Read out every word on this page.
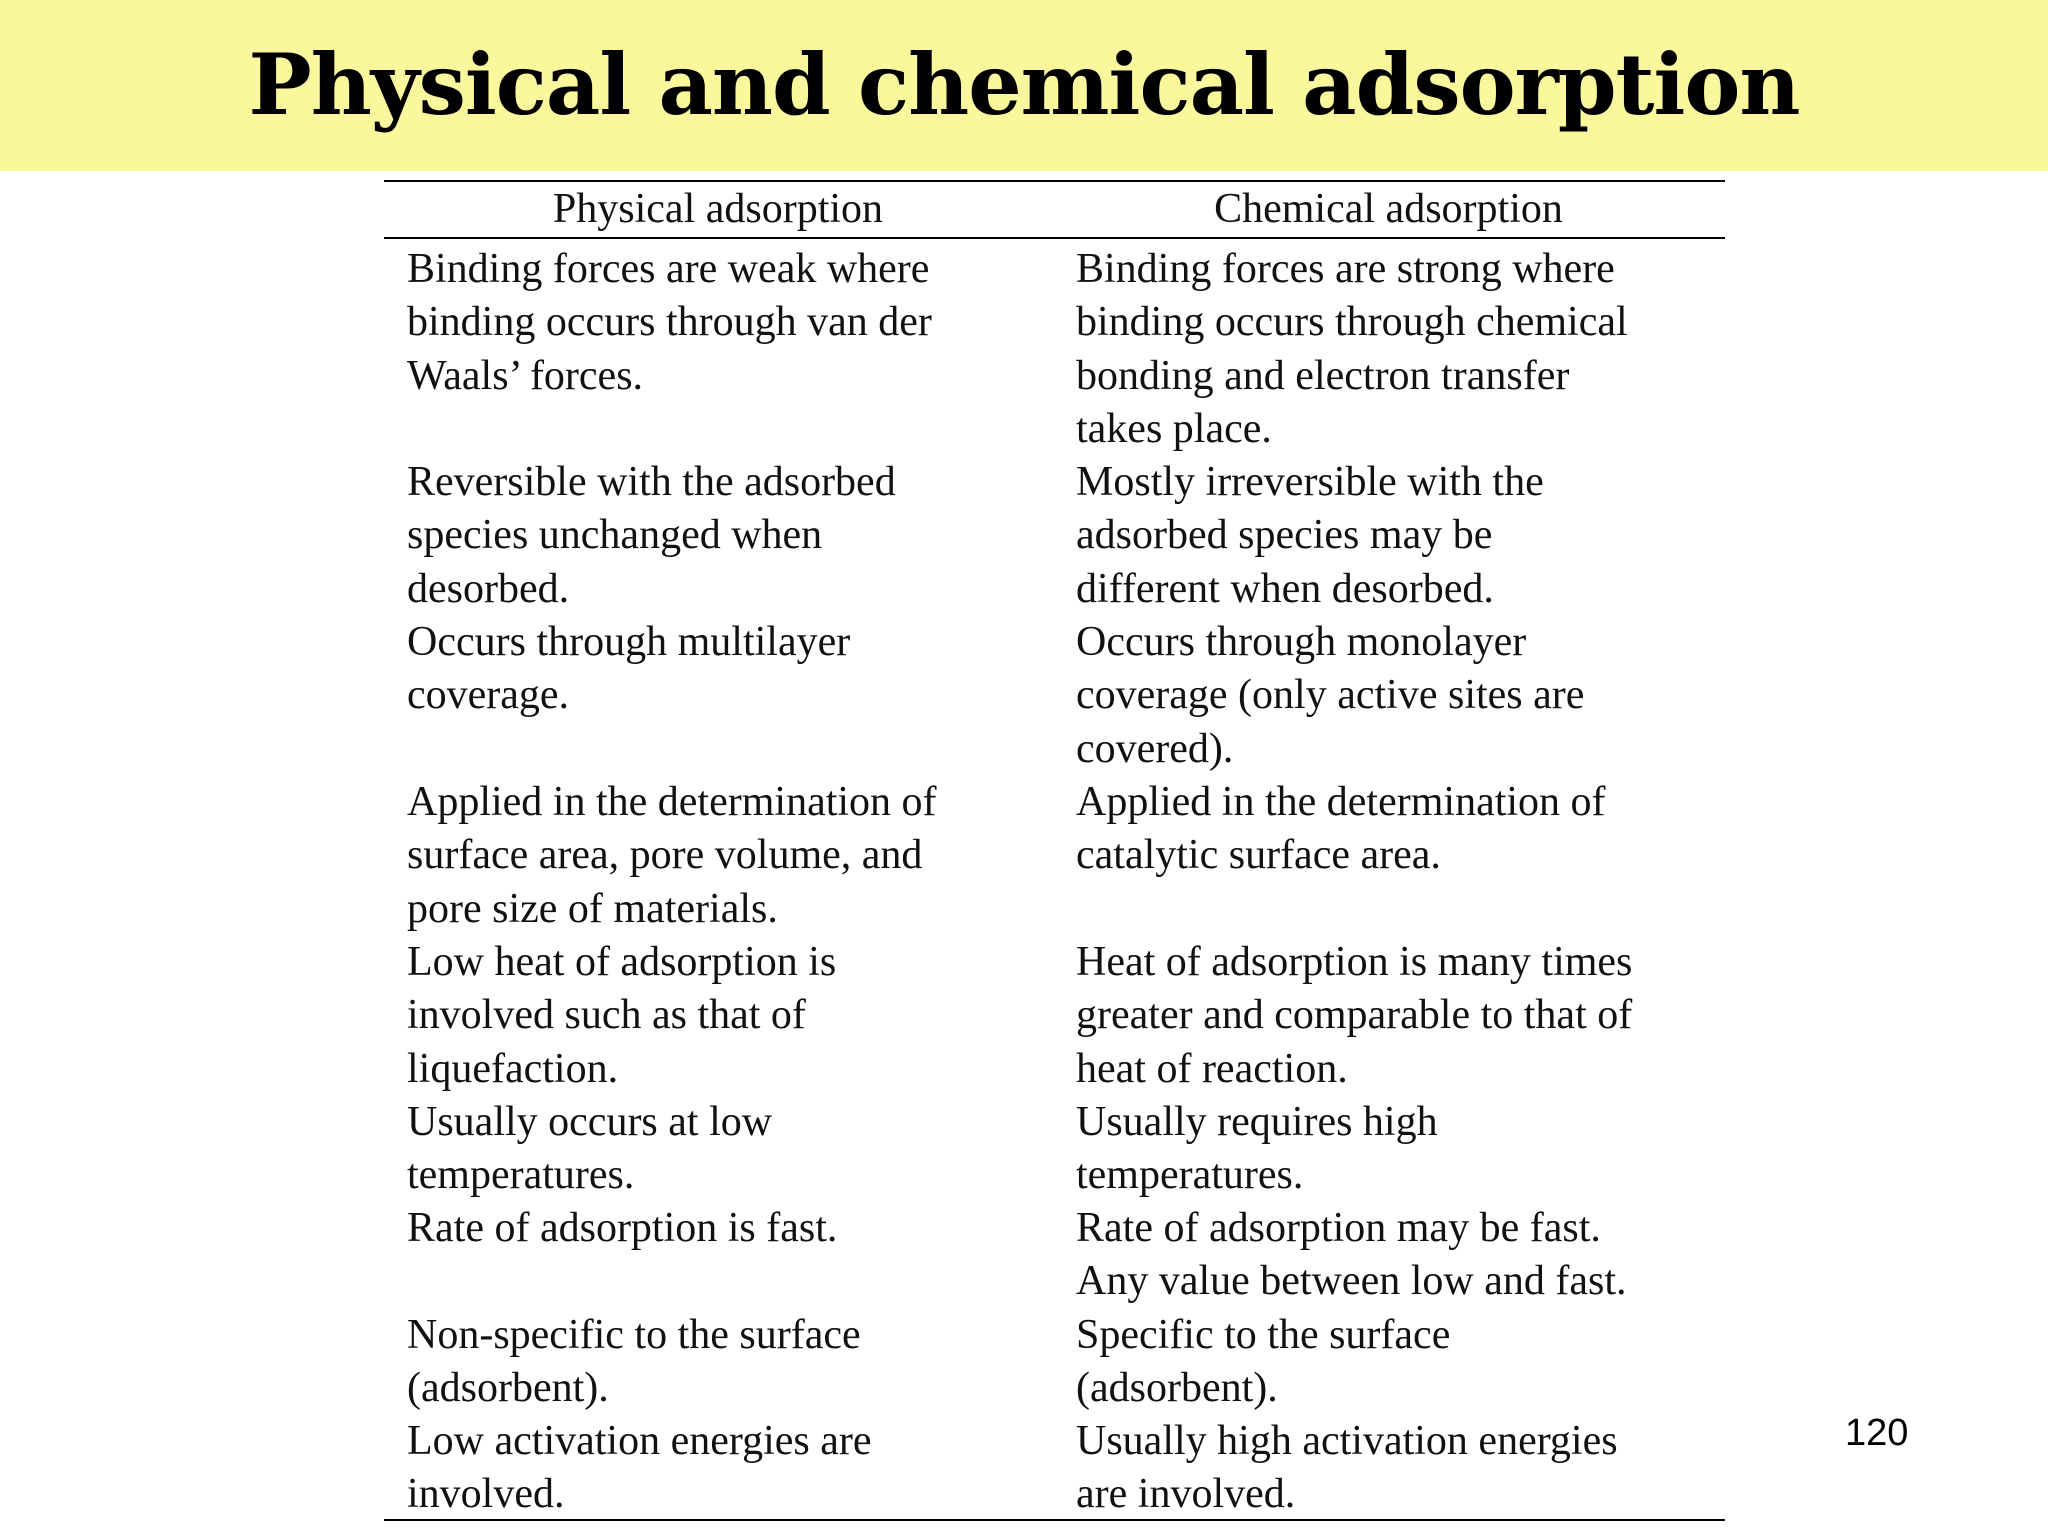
Physical and chemical adsorption
Physical adsorption	Chemical adsorption
Binding forces are weak where
binding occurs through van der
Waals’ forces.
Binding forces are strong where
binding occurs through chemical
bonding and electron transfer
takes place.
Reversible with the adsorbed
species unchanged when
desorbed.
Mostly irreversible with the
adsorbed species may be
different when desorbed.
Occurs through multilayer
coverage.
Occurs through monolayer
coverage (only active sites are
covered).
Applied in the determination of
surface area, pore volume, and
pore size of materials.
Applied in the determination of
catalytic surface area.
Low heat of adsorption is
involved such as that of
liquefaction.
Heat of adsorption is many times
greater and comparable to that of
heat of reaction.
Usually occurs at low
temperatures.
Usually requires high
temperatures.
Rate of adsorption is fast.	Rate of adsorption may be fast.
Any value between low and fast.
Non-specific to the surface
(adsorbent).
Specific to the surface
(adsorbent).
Low activation energies are
involved.
Usually high activation energies
are involved.
120
